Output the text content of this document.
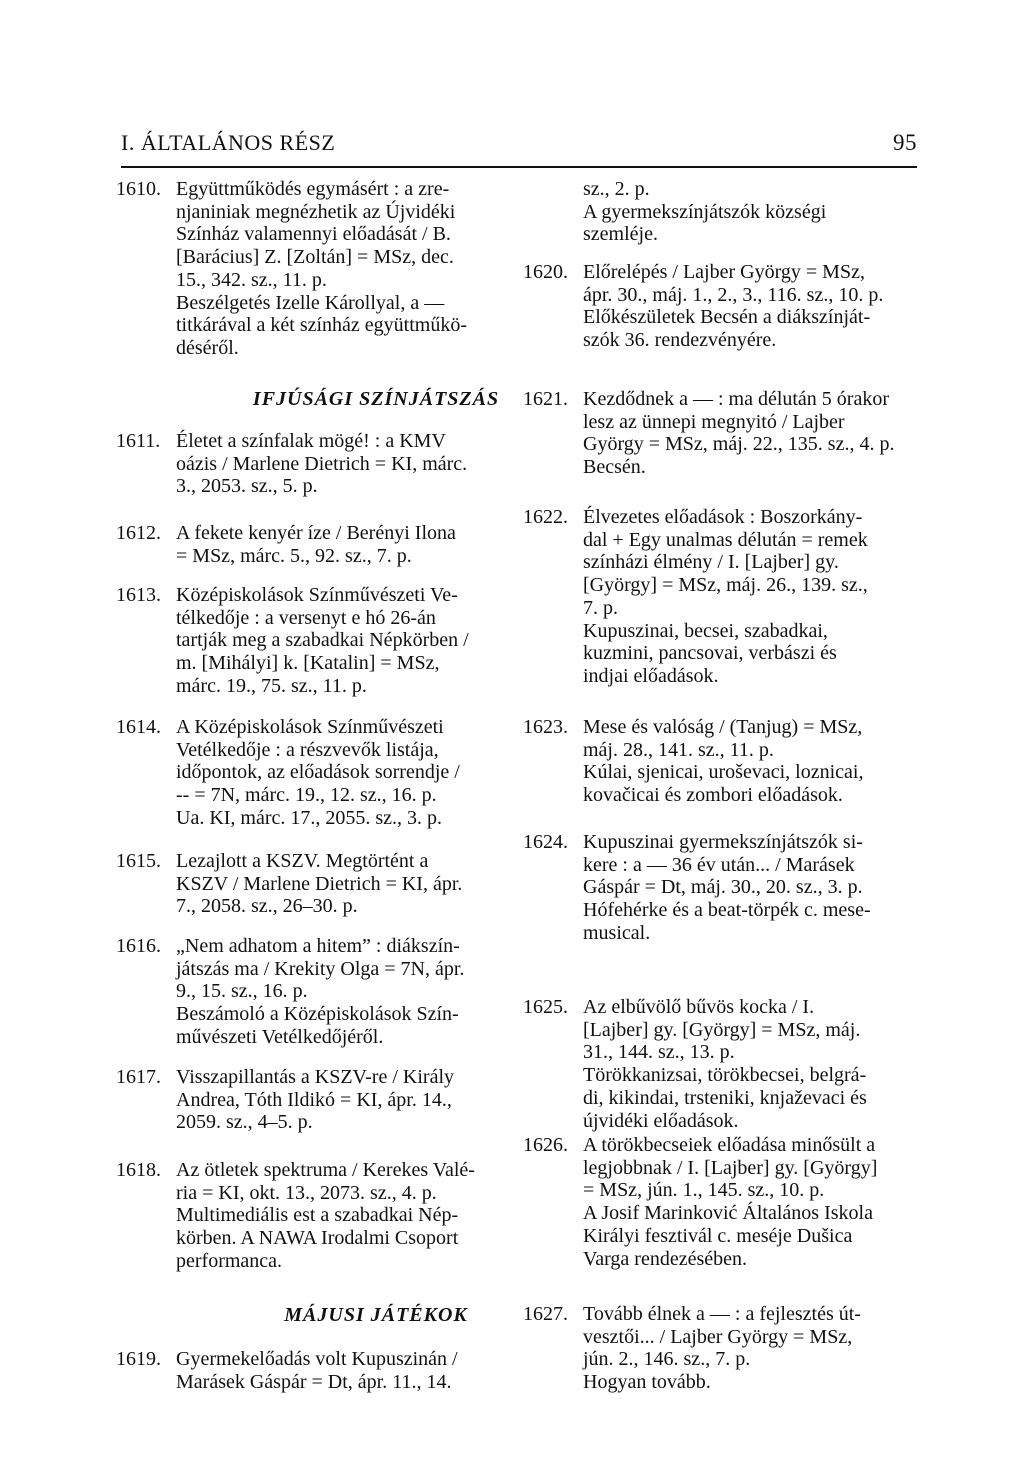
I. ÁLTALÁNOS RÉSZ	95
1610. Együttműködés egymásért : a zre-
njaniniak megnézhetik az Újvidéki
Színház valamennyi előadását / B.
[Barácius] Z. [Zoltán] = MSz, dec.
15., 342. sz., 11. p.
Beszélgetés Izelle Károllyal, a —
titkárával a két színház együttműkö-
déséről.
IFJÚSÁGI SZÍNJÁTSZÁS
1611. Életet a színfalak mögé! : a KMV
oázis / Marlene Dietrich = KI, márc.
3., 2053. sz., 5. p.
1612. A fekete kenyér íze / Berényi Ilona
= MSz, márc. 5., 92. sz., 7. p.
1613. Középiskolások Színművészeti Ve-
télkedője : a versenyt e hó 26-án
tartják meg a szabadkai Népkörben /
m. [Mihályi] k. [Katalin] = MSz,
márc. 19., 75. sz., 11. p.
1614. A Középiskolások Színművészeti
Vetélkedője : a részvevők listája,
időpontok, az előadások sorrendje /
-- = 7N, márc. 19., 12. sz., 16. p.
Ua. KI, márc. 17., 2055. sz., 3. p.
1615. Lezajlott a KSZV. Megtörtént a
KSZV / Marlene Dietrich = KI, ápr.
7., 2058. sz., 26–30. p.
1616. „Nem adhatom a hitem” : diákszín-
játszás ma / Krekity Olga = 7N, ápr.
9., 15. sz., 16. p.
Beszámoló a Középiskolások Szín-
művészeti Vetélkedőjéről.
1617. Visszapillantás a KSZV-re / Király
Andrea, Tóth Ildikó = KI, ápr. 14.,
2059. sz., 4–5. p.
1618. Az ötletek spektruma / Kerekes Valé-
ria = KI, okt. 13., 2073. sz., 4. p.
Multimediális est a szabadkai Nép-
körben. A NAWA Irodalmi Csoport
performanca.
MÁJUSI JÁTÉKOK
1619. Gyermekelőadás volt Kupuszinán /
Marásek Gáspár = Dt, ápr. 11., 14.
sz., 2. p.
A gyermekszínjátszók községi
szemléje.
1620. Előrelépés / Lajber György = MSz,
ápr. 30., máj. 1., 2., 3., 116. sz., 10. p.
Előkészületek Becsén a diákszínját-
szók 36. rendezvényére.
1621. Kezdődnek a — : ma délután 5 órakor
lesz az ünnepi megnyitó / Lajber
György = MSz, máj. 22., 135. sz., 4. p.
Becsén.
1622. Élvezetes előadások : Boszorkány-
dal + Egy unalmas délután = remek
színházi élmény / I. [Lajber] gy.
[György] = MSz, máj. 26., 139. sz.,
7. p.
Kupuszinai, becsei, szabadkai,
kuzmini, pancsovai, verbászi és
indjai előadások.
1623. Mese és valóság / (Tanjug) = MSz,
máj. 28., 141. sz., 11. p.
Kúlai, sjenicai, uroševaci, loznicai,
kovačicai és zombori előadások.
1624. Kupuszinai gyermekszínjátszók si-
kere : a — 36 év után... / Marásek
Gáspár = Dt, máj. 30., 20. sz., 3. p.
Hófehérke és a beat-törpék c. mese-
musical.
1625. Az elbűvölő bűvös kocka / I.
[Lajber] gy. [György] = MSz, máj.
31., 144. sz., 13. p.
Törökkanizsai, törökbecsei, belgrá-
di, kikindai, trsteniki, knjaževaci és
újvidéki előadások.
1626. A törökbecseiek előadása minősült a
legjobbnak / I. [Lajber] gy. [György]
= MSz, jún. 1., 145. sz., 10. p.
A Josif Marinković Általános Iskola
Királyi fesztivál c. meséje Dušica
Varga rendezésében.
1627. Tovább élnek a — : a fejlesztés út-
vesztői... / Lajber György = MSz,
jún. 2., 146. sz., 7. p.
Hogyan tovább.
